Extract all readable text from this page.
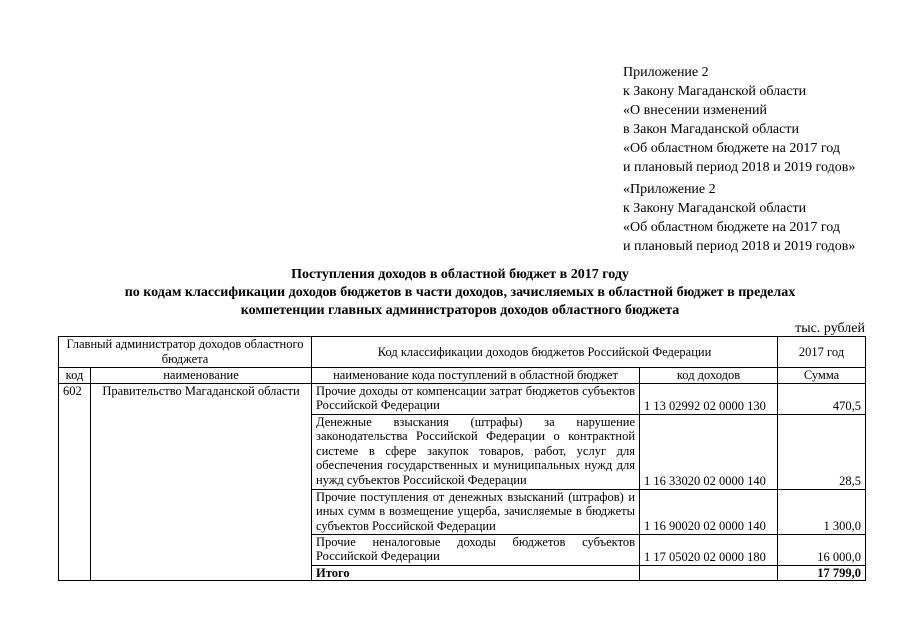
Приложение 2
к Закону Магаданской области
«О внесении изменений
в Закон Магаданской области
«Об областном бюджете на 2017 год
и плановый период 2018 и 2019 годов»
«Приложение 2
к Закону Магаданской области
«Об областном бюджете на 2017 год
и плановый период 2018 и 2019 годов»
Поступления доходов в областной бюджет в 2017 году
по кодам классификации доходов бюджетов в части доходов, зачисляемых в областной бюджет в пределах
компетенции главных администраторов доходов областного бюджета
тыс. рублей
Главный администратор доходов областного бюджета		Код классификации доходов бюджетов Российской Федерации		2017 год
код	наименование	наименование кода поступлений в областной бюджет	код доходов	Сумма
602	Правительство Магаданской области	Прочие доходы от компенсации затрат бюджетов субъектов Российской Федерации	1 13 02992 02 0000 130	470,5
		Денежные взыскания (штрафы) за нарушение законодательства Российской Федерации о контрактной системе в сфере закупок товаров, работ, услуг для обеспечения государственных и муниципальных нужд для нужд субъектов Российской Федерации	1 16 33020 02 0000 140	28,5
		Прочие поступления от денежных взысканий (штрафов) и иных сумм в возмещение ущерба, зачисляемые в бюджеты субъектов Российской Федерации	1 16 90020 02 0000 140	1 300,0
		Прочие неналоговые доходы бюджетов субъектов Российской Федерации	1 17 05020 02 0000 180	16 000,0
		Итого		17 799,0
